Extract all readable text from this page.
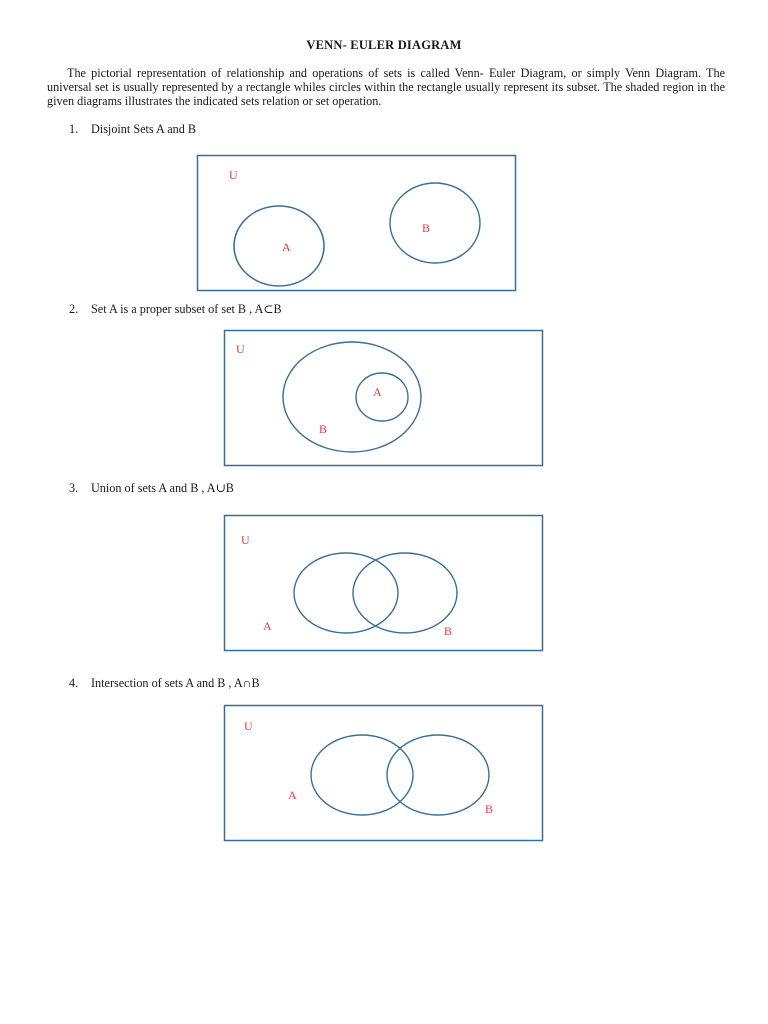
VENN- EULER DIAGRAM
The pictorial representation of relationship and operations of sets is called Venn- Euler Diagram, or simply Venn Diagram. The universal set is usually represented by a rectangle whiles circles within the rectangle usually represent its subset. The shaded region in the given diagrams illustrates the indicated sets relation or set operation.
1. Disjoint Sets A and B
U
A
B
2. Set A is a proper subset of set B , A⊂B
U
A
B
3. Union of sets A and B , A∪B
U
A	B
4. Intersection of sets A and B , A∩B
U
A
B
